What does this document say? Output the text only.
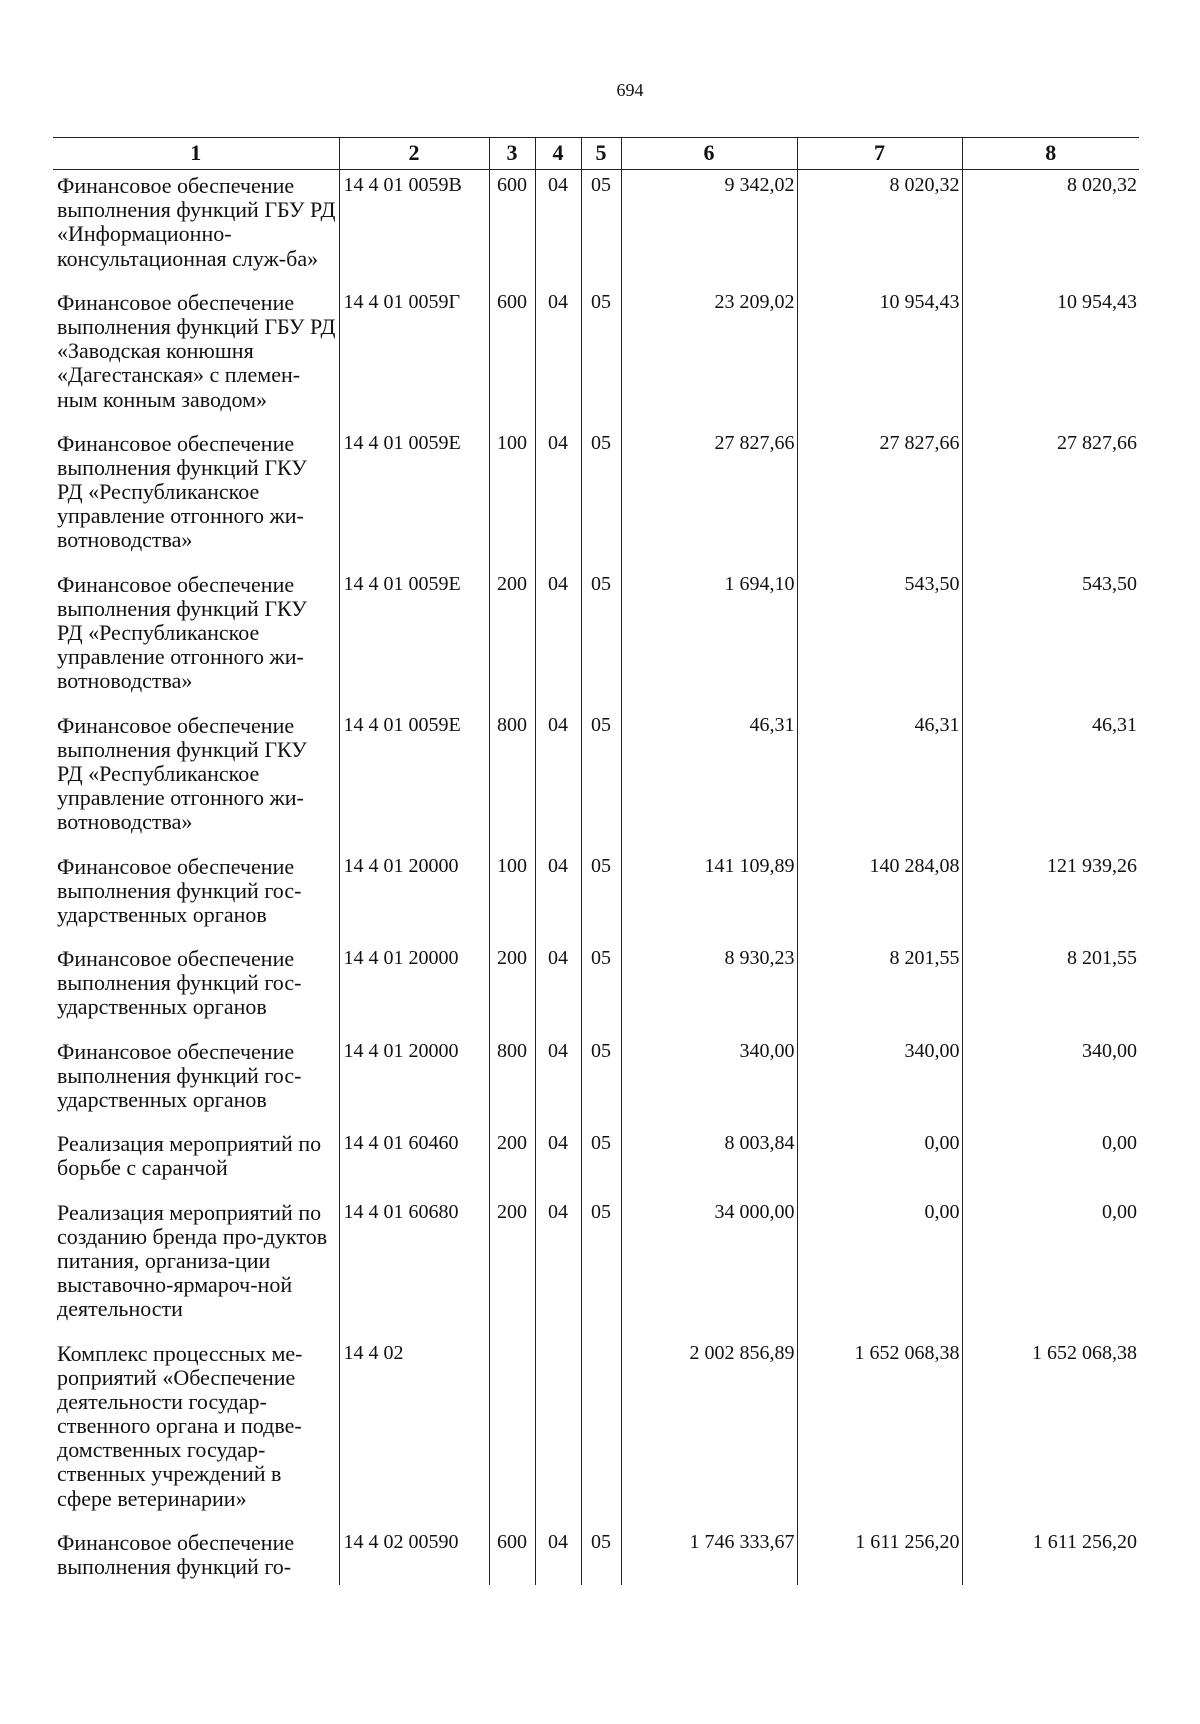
694
1	2	3	4	5	6	7	8
Финансовое обеспечение выполнения функций ГБУ РД «Информационно-консультационная служ-ба»	14 4 01 0059В	600	04	05	9 342,02	8 020,32	8 020,32
Финансовое обеспечение выполнения функций ГБУ РД «Заводская конюшня «Дагестанская» с племен-ным конным заводом»	14 4 01 0059Г	600	04	05	23 209,02	10 954,43	10 954,43
Финансовое обеспечение выполнения функций ГКУ РД «Республиканское управление отгонного жи-вотноводства»	14 4 01 0059Е	100	04	05	27 827,66	27 827,66	27 827,66
Финансовое обеспечение выполнения функций ГКУ РД «Республиканское управление отгонного жи-вотноводства»	14 4 01 0059Е	200	04	05	1 694,10	543,50	543,50
Финансовое обеспечение выполнения функций ГКУ РД «Республиканское управление отгонного жи-вотноводства»	14 4 01 0059Е	800	04	05	46,31	46,31	46,31
Финансовое обеспечение выполнения функций гос-ударственных органов	14 4 01 20000	100	04	05	141 109,89	140 284,08	121 939,26
Финансовое обеспечение выполнения функций гос-ударственных органов	14 4 01 20000	200	04	05	8 930,23	8 201,55	8 201,55
Финансовое обеспечение выполнения функций гос-ударственных органов	14 4 01 20000	800	04	05	340,00	340,00	340,00
Реализация мероприятий по борьбе с саранчой	14 4 01 60460	200	04	05	8 003,84	0,00	0,00
Реализация мероприятий по созданию бренда про-дуктов питания, организа-ции выставочно-ярмароч-ной деятельности	14 4 01 60680	200	04	05	34 000,00	0,00	0,00
Комплекс процессных ме-роприятий «Обеспечение деятельности государ-ственного органа и подве-домственных государ-ственных учреждений в сфере ветеринарии»	14 4 02				2 002 856,89	1 652 068,38	1 652 068,38
Финансовое обеспечение выполнения функций го-	14 4 02 00590	600	04	05	1 746 333,67	1 611 256,20	1 611 256,20
